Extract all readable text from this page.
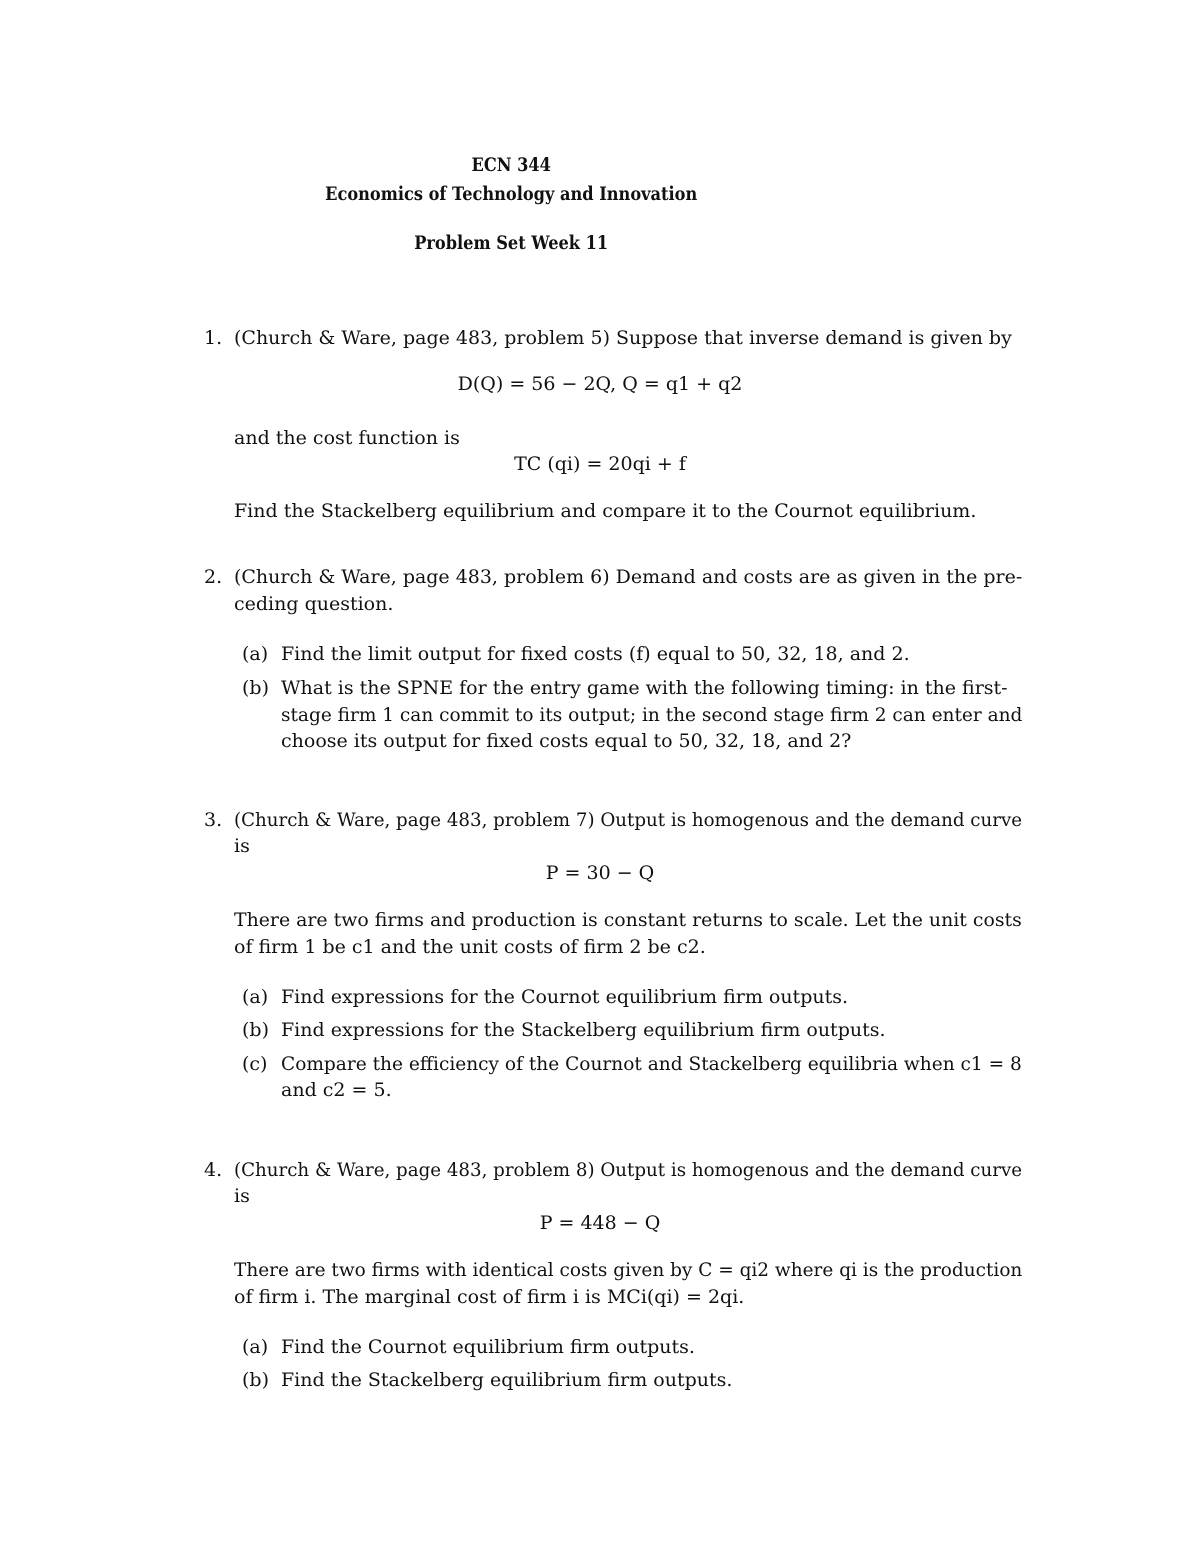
ECN 344
Economics of Technology and Innovation
Problem Set Week 11
1. (Church & Ware, page 483, problem 5) Suppose that inverse demand is given by
D(Q) = 56 − 2Q, Q = q1 + q2
and the cost function is
TC (qi) = 20qi + f
Find the Stackelberg equilibrium and compare it to the Cournot equilibrium.
2. (Church & Ware, page 483, problem 6) Demand and costs are as given in the pre-
ceding question.
(a) Find the limit output for fixed costs (f) equal to 50, 32, 18, and 2.
(b) What is the SPNE for the entry game with the following timing: in the first-
stage firm 1 can commit to its output; in the second stage firm 2 can enter and
choose its output for fixed costs equal to 50, 32, 18, and 2?
3. (Church & Ware, page 483, problem 7) Output is homogenous and the demand curve
is
P = 30 − Q
There are two firms and production is constant returns to scale. Let the unit costs
of firm 1 be c1 and the unit costs of firm 2 be c2.
(a) Find expressions for the Cournot equilibrium firm outputs.
(b) Find expressions for the Stackelberg equilibrium firm outputs.
(c) Compare the efficiency of the Cournot and Stackelberg equilibria when c1 = 8
and c2 = 5.
4. (Church & Ware, page 483, problem 8) Output is homogenous and the demand curve
is
P = 448 − Q
There are two firms with identical costs given by C = qi2 where qi is the production
of firm i. The marginal cost of firm i is MCi(qi) = 2qi.
(a) Find the Cournot equilibrium firm outputs.
(b) Find the Stackelberg equilibrium firm outputs.
